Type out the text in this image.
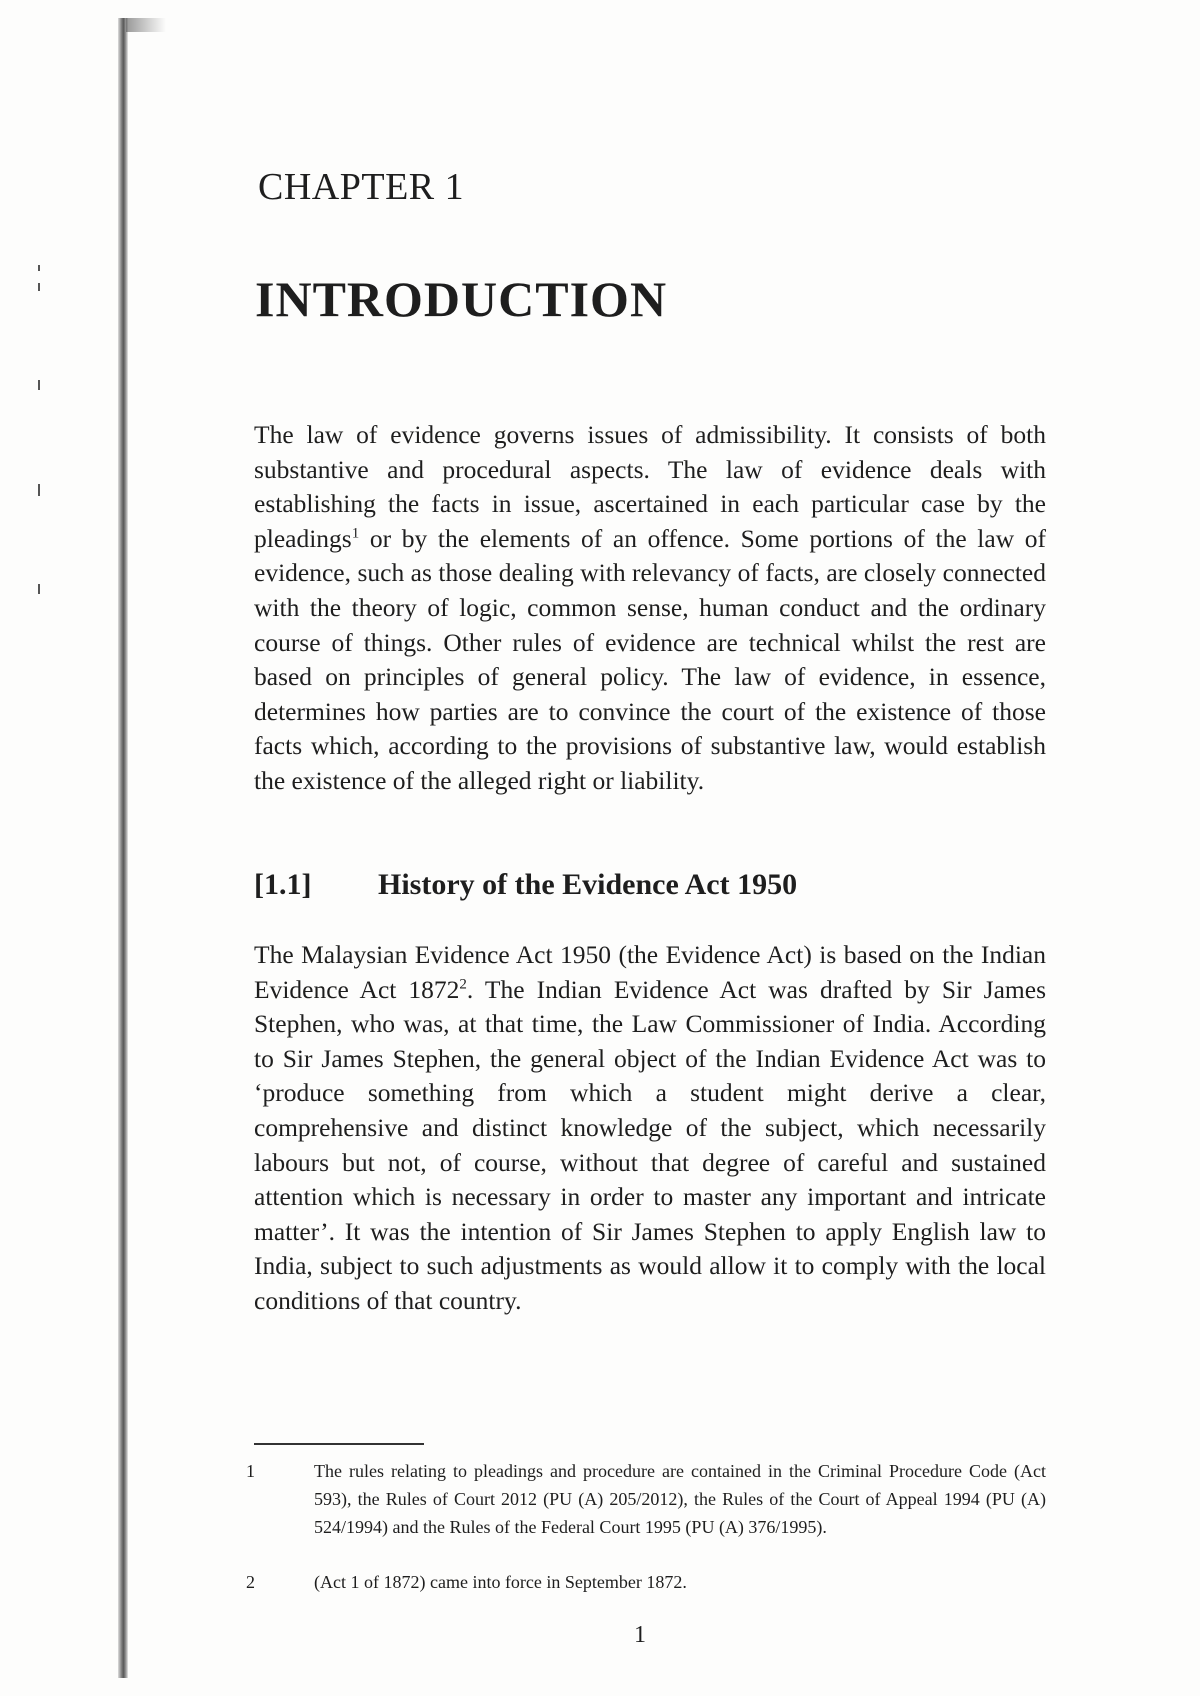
CHAPTER 1
INTRODUCTION

The law of evidence governs issues of admissibility. It consists of both substantive and procedural aspects. The law of evidence deals with establishing the facts in issue, ascertained in each particular case by the pleadings$^1$ or by the elements of an offence. Some portions of the law of evidence, such as those dealing with relevancy of facts, are closely connected with the theory of logic, common sense, human conduct and the ordinary course of things. Other rules of evidence are technical whilst the rest are based on principles of general policy. The law of evidence, in essence, determines how parties are to convince the court of the existence of those facts which, according to the provisions of substantive law, would establish the existence of the alleged right or liability.

[1.1] History of the Evidence Act 1950

The Malaysian Evidence Act 1950 (the Evidence Act) is based on the Indian Evidence Act 1872$^2$. The Indian Evidence Act was drafted by Sir James Stephen, who was, at that time, the Law Commissioner of India. According to Sir James Stephen, the general object of the Indian Evidence Act was to ‘produce something from which a student might derive a clear, comprehensive and distinct knowledge of the subject, which necessarily labours but not, of course, without that degree of careful and sustained attention which is necessary in order to master any important and intricate matter’. It was the intention of Sir James Stephen to apply English law to India, subject to such adjustments as would allow it to comply with the local conditions of that country.

1	The rules relating to pleadings and procedure are contained in the Criminal Procedure Code (Act 593), the Rules of Court 2012 (PU (A) 205/2012), the Rules of the Court of Appeal 1994 (PU (A) 524/1994) and the Rules of the Federal Court 1995 (PU (A) 376/1995).
2	(Act 1 of 1872) came into force in September 1872.

1
